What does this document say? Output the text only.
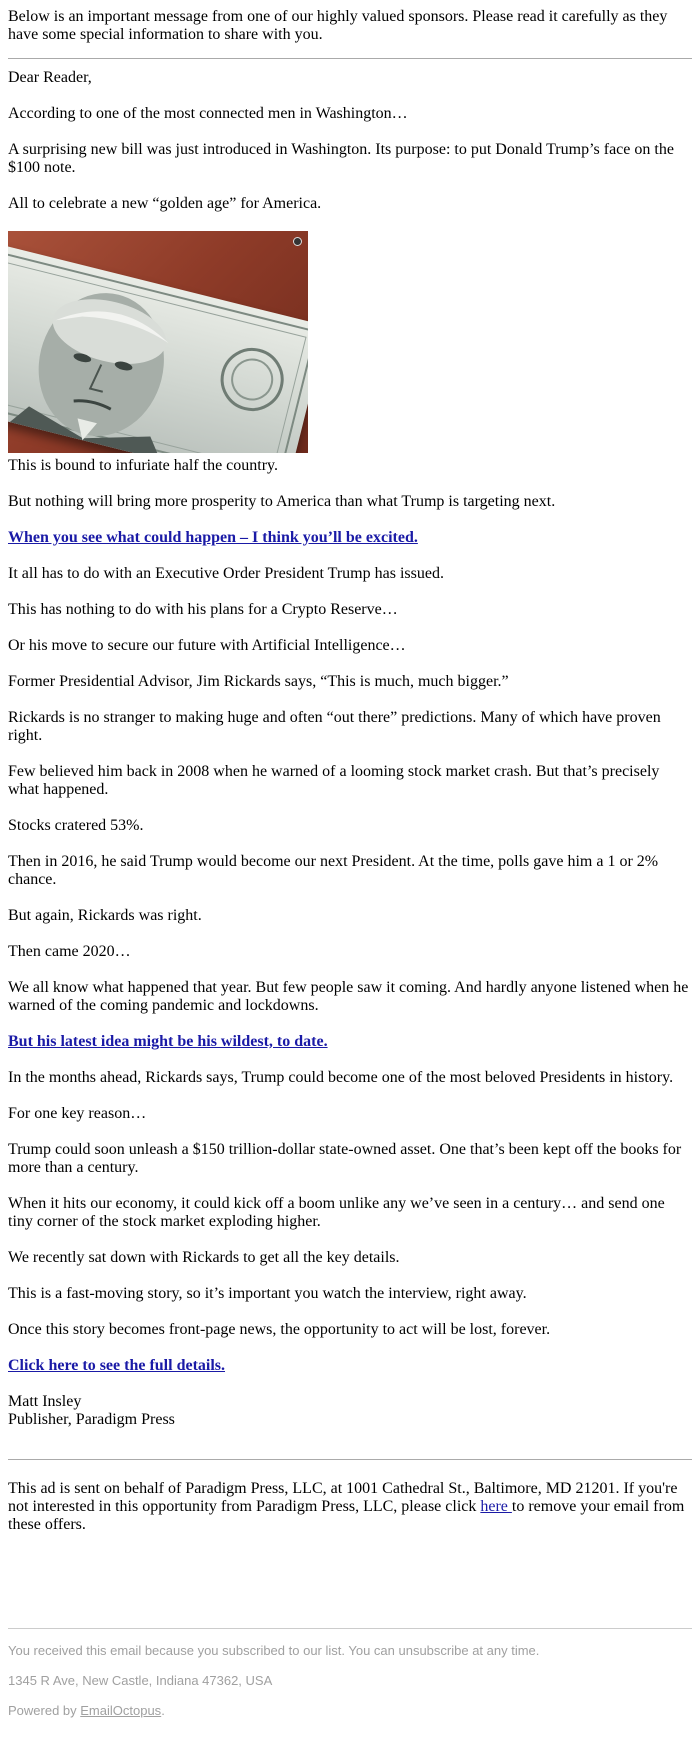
Below is an important message from one of our highly valued sponsors. Please read it carefully as they have some special information to share with you.

Dear Reader,

According to one of the most connected men in Washington…

A surprising new bill was just introduced in Washington. Its purpose: to put Donald Trump’s face on the $100 note.

All to celebrate a new “golden age” for America.

This is bound to infuriate half the country.

But nothing will bring more prosperity to America than what Trump is targeting next.

When you see what could happen – I think you’ll be excited.

It all has to do with an Executive Order President Trump has issued.

This has nothing to do with his plans for a Crypto Reserve…

Or his move to secure our future with Artificial Intelligence…

Former Presidential Advisor, Jim Rickards says, “This is much, much bigger.”

Rickards is no stranger to making huge and often “out there” predictions. Many of which have proven right.

Few believed him back in 2008 when he warned of a looming stock market crash. But that’s precisely what happened.

Stocks cratered 53%.

Then in 2016, he said Trump would become our next President. At the time, polls gave him a 1 or 2% chance.

But again, Rickards was right.

Then came 2020…

We all know what happened that year. But few people saw it coming. And hardly anyone listened when he warned of the coming pandemic and lockdowns.

But his latest idea might be his wildest, to date.

In the months ahead, Rickards says, Trump could become one of the most beloved Presidents in history.

For one key reason…

Trump could soon unleash a $150 trillion-dollar state-owned asset. One that’s been kept off the books for more than a century.

When it hits our economy, it could kick off a boom unlike any we’ve seen in a century… and send one tiny corner of the stock market exploding higher.

We recently sat down with Rickards to get all the key details.

This is a fast-moving story, so it’s important you watch the interview, right away.

Once this story becomes front-page news, the opportunity to act will be lost, forever.

Click here to see the full details.

Matt Insley
Publisher, Paradigm Press

This ad is sent on behalf of Paradigm Press, LLC, at 1001 Cathedral St., Baltimore, MD 21201. If you're not interested in this opportunity from Paradigm Press, LLC, please click here to remove your email from these offers.

You received this email because you subscribed to our list. You can unsubscribe at any time.

1345 R Ave, New Castle, Indiana 47362, USA

Powered by EmailOctopus.
